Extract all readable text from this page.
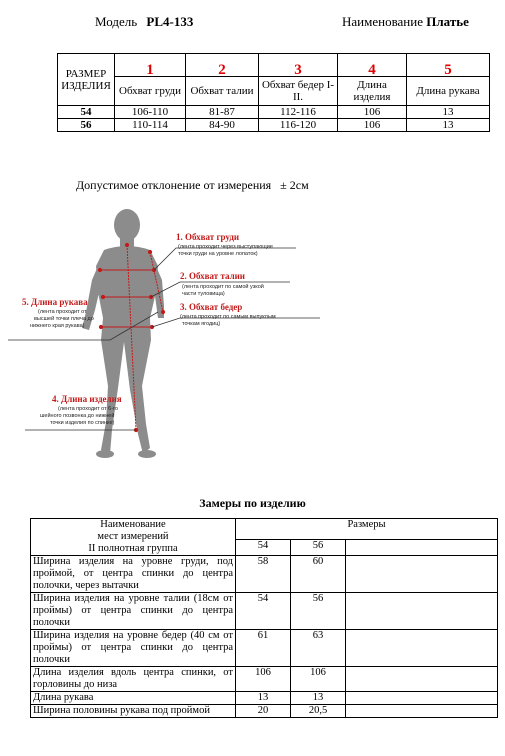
Модель PL4-133	Наименование Платье
РАЗМЕР ИЗДЕЛИЯ	1	2	3	4	5
	Обхват груди	Обхват талии	Обхват бедер I-II.	Длина изделия	Длина рукава
54	106-110	81-87	112-116	106	13
56	110-114	84-90	116-120	106	13
Допустимое отклонение от измерения   ± 2см
1. Обхват груди
(лента проходит через выступающие
точки груди на уровне лопаток)
2. Обхват талии
(лента проходит по самой узкой
части туловища)
3. Обхват бедер
(лента проходит по самым выпуклым
точкам ягодиц)
5. Длина рукава
(лента проходит от
высшей точки плеча до
нижнего края рукава)
4. Длина изделия
(лента проходит от 6-го
шейного позвонка до нижней
точки изделия по спинке)
Замеры по изделию
Наименование
мест измерений
II полнотная группа	Размеры		
	54	56	
Ширина изделия на уровне груди, под проймой, от центра спинки до центра полочки, через вытачки	58	60	
Ширина изделия на уровне талии (18см от проймы) от центра спинки до центра полочки	54	56	
Ширина изделия на уровне бедер (40 см от проймы) от центра спинки до центра полочки	61	63	
Длина изделия вдоль центра спинки, от горловины до низа	106	106	
Длина рукава	13	13	
Ширина половины рукава под проймой	20	20,5	
